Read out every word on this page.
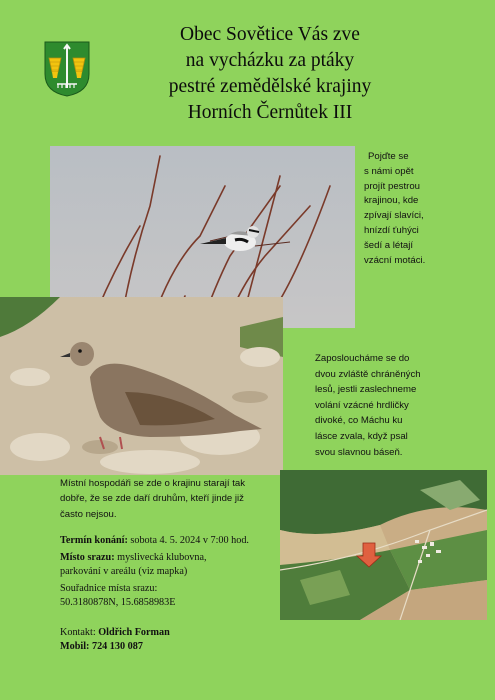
Obec Sovětice Vás zve
na vycházku za ptáky
pestré zemědělské krajiny
Horních Černůtek III
Pojďte se
s námi opět
projít pestrou
krajinou, kde
zpívají slavíci,
hnízdí ťuhýci
šedí a létají
vzácní motáci.
Zaposloucháme se do
dvou zvláště chráněných
lesů, jestli zaslechneme
volání vzácné hrdličky
divoké, co Máchu ku
lásce zvala, když psal
svou slavnou báseň.
Místní hospodáři se zde o krajinu starají tak
dobře, že se zde daří druhům, kteří jinde již
často nejsou.
Termín konání: sobota 4. 5. 2024 v 7:00 hod.
Místo srazu: myslivecká klubovna,
parkování v areálu (viz mapka)
Souřadnice místa srazu:
50.3180878N, 15.6858983E
Kontakt: Oldřich Forman
Mobil: 724 130 087
